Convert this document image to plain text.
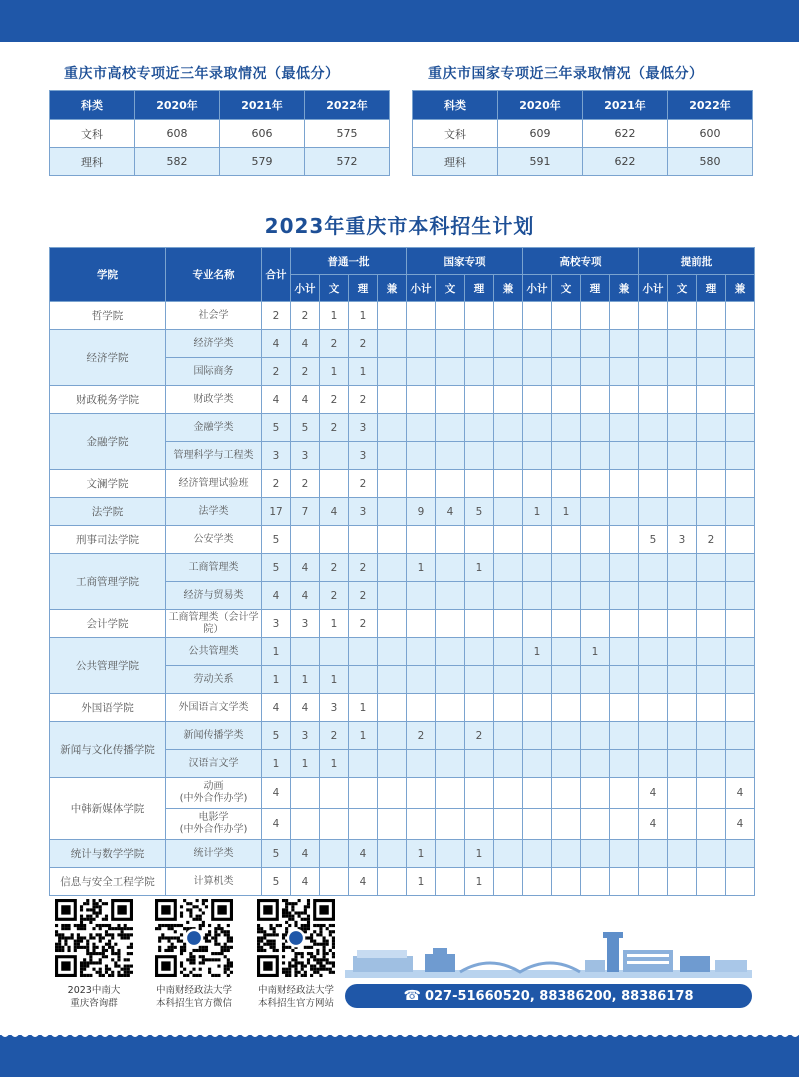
重庆市高校专项近三年录取情况（最低分）	重庆市国家专项近三年录取情况（最低分）
科类	2020年	2021年	2022年
文科	608	606	575
理科	582	579	572
科类	2020年	2021年	2022年
文科	609	622	600
理科	591	622	580
2023年重庆市本科招生计划
学院	专业名称	合计	普通一批				国家专项				高校专项				提前批			
			小计	文	理	兼	小计	文	理	兼	小计	文	理	兼	小计	文	理	兼
哲学院	社会学	2	2	1	1													
经济学院	经济学类	4	4	2	2													

	国际商务	2	2	1	1													
财政税务学院	财政学类	4	4	2	2													
金融学院	金融学类	5	5	2	3													

	管理科学与工程类	3	3		3													
文澜学院	经济管理试验班	2	2		2													
法学院	法学类	17	7	4	3		9	4	5		1	1						
刑事司法学院	公安学类	5													5	3	2	
工商管理学院	工商管理类	5	4	2	2		1		1									

	经济与贸易类	4	4	2	2													
会计学院	工商管理类（会计学院）	3	3	1	2													
公共管理学院	公共管理类	1									1		1					

	劳动关系	1	1	1														
外国语学院	外国语言文学类	4	4	3	1													
新闻与文化传播学院	新闻传播学类	5	3	2	1		2		2									

	汉语言文学	1	1	1														
中韩新媒体学院	动画
(中外合作办学)	4													4			4

	电影学
(中外合作办学)	4													4			4
统计与数学学院	统计学类	5	4		4		1		1									
信息与安全工程学院	计算机类	5	4		4		1		1									
2023中南大
重庆咨询群
中南财经政法大学
本科招生官方微信
中南财经政法大学
本科招生官方网站	☎ 027-51660520, 88386200, 88386178
